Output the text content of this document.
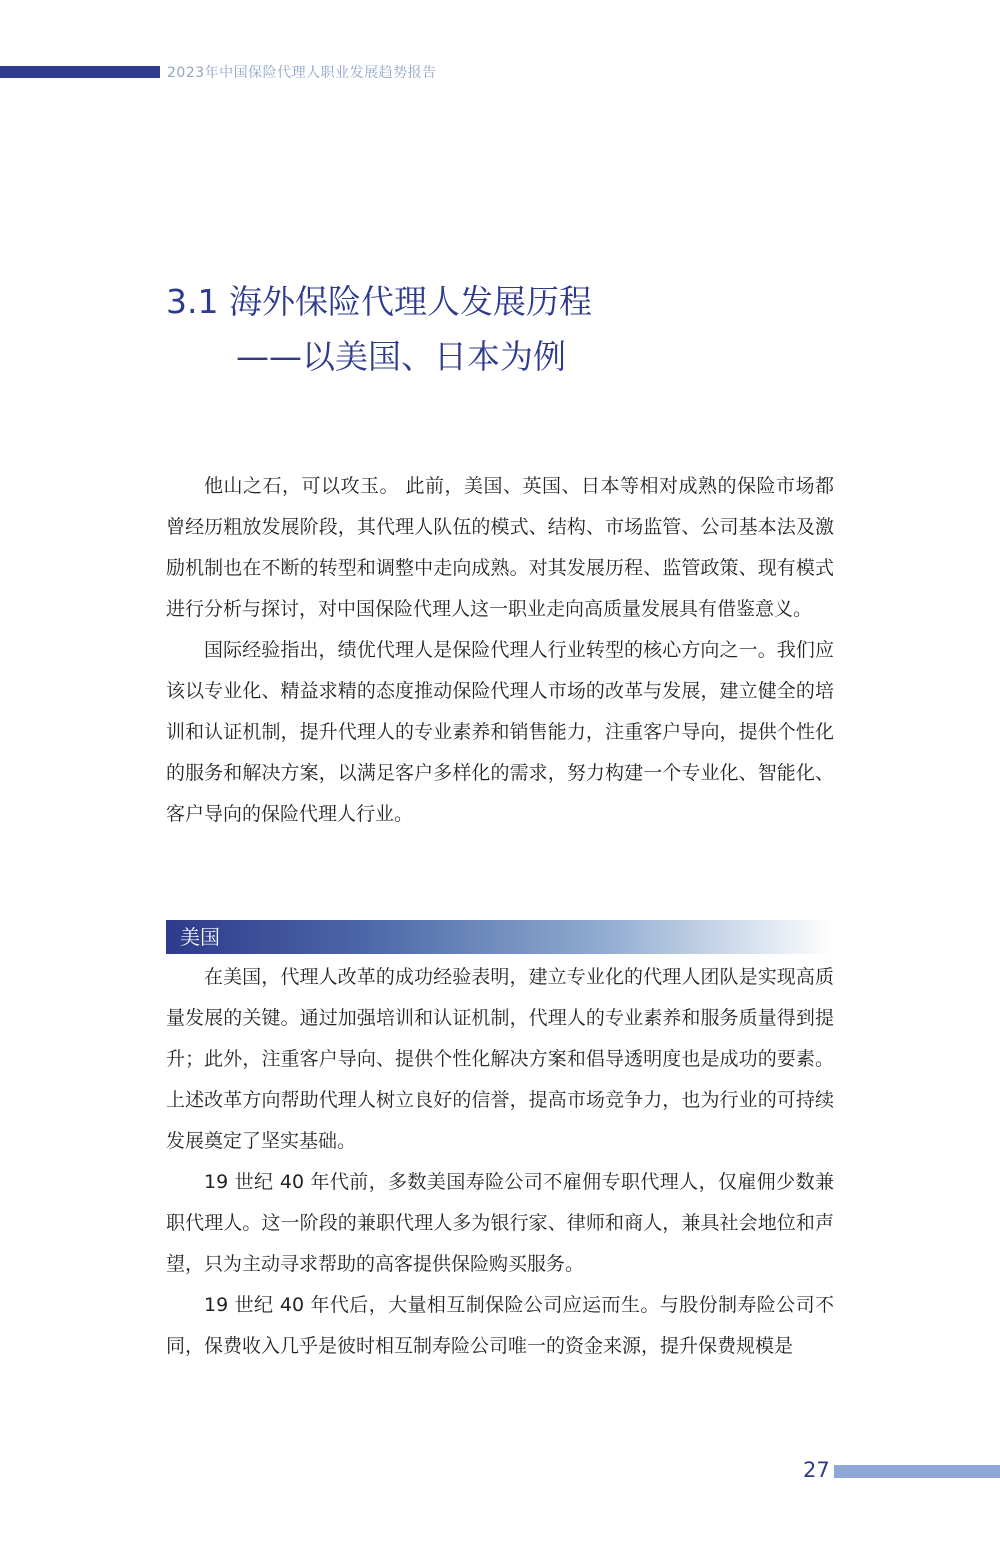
2023年中国保险代理人职业发展趋势报告
3.1 海外保险代理人发展历程
——以美国、日本为例

他山之石，可以攻玉。 此前，美国、英国、日本等相对成熟的保险市场都曾经历粗放发展阶段，其代理人队伍的模式、结构、市场监管、公司基本法及激励机制也在不断的转型和调整中走向成熟。对其发展历程、监管政策、现有模式进行分析与探讨，对中国保险代理人这一职业走向高质量发展具有借鉴意义。

国际经验指出，绩优代理人是保险代理人行业转型的核心方向之一。我们应该以专业化、精益求精的态度推动保险代理人市场的改革与发展，建立健全的培训和认证机制，提升代理人的专业素养和销售能力，注重客户导向，提供个性化的服务和解决方案，以满足客户多样化的需求，努力构建一个专业化、智能化、客户导向的保险代理人行业。

美国

在美国，代理人改革的成功经验表明，建立专业化的代理人团队是实现高质量发展的关键。通过加强培训和认证机制，代理人的专业素养和服务质量得到提升；此外，注重客户导向、提供个性化解决方案和倡导透明度也是成功的要素。上述改革方向帮助代理人树立良好的信誉，提高市场竞争力，也为行业的可持续发展奠定了坚实基础。

19 世纪 40 年代前，多数美国寿险公司不雇佣专职代理人，仅雇佣少数兼职代理人。这一阶段的兼职代理人多为银行家、律师和商人，兼具社会地位和声望，只为主动寻求帮助的高客提供保险购买服务。

19 世纪 40 年代后，大量相互制保险公司应运而生。与股份制寿险公司不同，保费收入几乎是彼时相互制寿险公司唯一的资金来源，提升保费规模是

27
